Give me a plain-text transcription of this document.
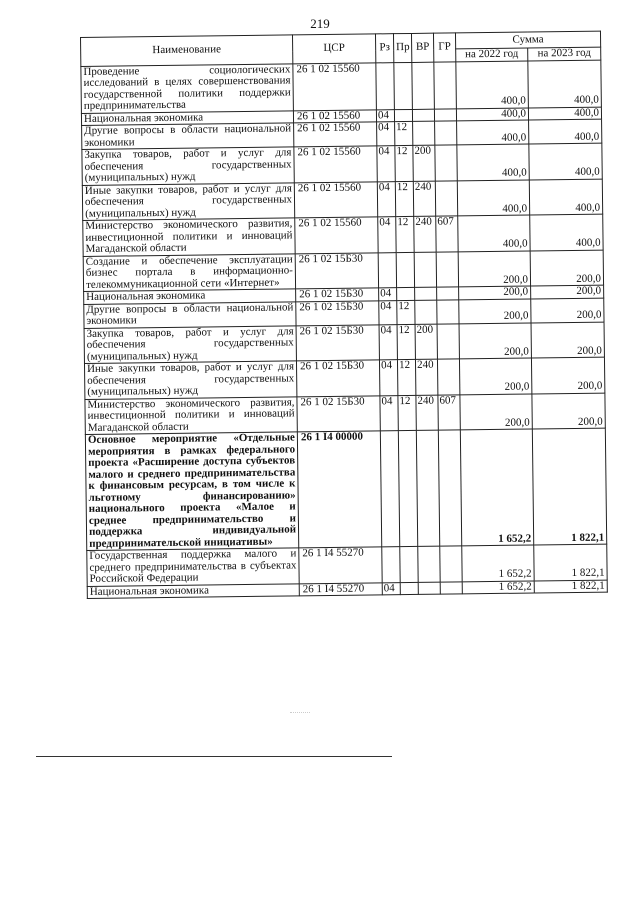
219
Наименование	ЦСР	Рз	Пр	ВР	ГР	Сумма	
						на 2022 год	на 2023 год
Проведение социологических исследований в целях совершенствования государственной политики поддержки предпринимательства	26 1 02 15560					400,0	400,0
Национальная экономика	26 1 02 15560	04				400,0	400,0
Другие вопросы в области национальной экономики	26 1 02 15560	04	12			400,0	400,0
Закупка товаров, работ и услуг для обеспечения государственных (муниципальных) нужд	26 1 02 15560	04	12	200		400,0	400,0
Иные закупки товаров, работ и услуг для обеспечения государственных (муниципальных) нужд	26 1 02 15560	04	12	240		400,0	400,0
Министерство экономического развития, инвестиционной политики и инноваций Магаданской области	26 1 02 15560	04	12	240	607	400,0	400,0
Создание и обеспечение эксплуатации бизнес портала в информационно-телекоммуникационной сети «Интернет»	26 1 02 15Б30					200,0	200,0
Национальная экономика	26 1 02 15Б30	04				200,0	200,0
Другие вопросы в области национальной экономики	26 1 02 15Б30	04	12			200,0	200,0
Закупка товаров, работ и услуг для обеспечения государственных (муниципальных) нужд	26 1 02 15Б30	04	12	200		200,0	200,0
Иные закупки товаров, работ и услуг для обеспечения государственных (муниципальных) нужд	26 1 02 15Б30	04	12	240		200,0	200,0
Министерство экономического развития, инвестиционной политики и инноваций Магаданской области	26 1 02 15Б30	04	12	240	607	200,0	200,0
Основное мероприятие «Отдельные мероприятия в рамках федерального проекта «Расширение доступа субъектов малого и среднего предпринимательства к финансовым ресурсам, в том числе к льготному финансированию» национального проекта «Малое и среднее предпринимательство и поддержка индивидуальной предпринимательской инициативы»	26 1 I4 00000					1 652,2	1 822,1
Государственная поддержка малого и среднего предпринимательства в субъектах Российской Федерации	26 1 I4 55270					1 652,2	1 822,1
Национальная экономика	26 1 I4 55270	04				1 652,2	1 822,1
